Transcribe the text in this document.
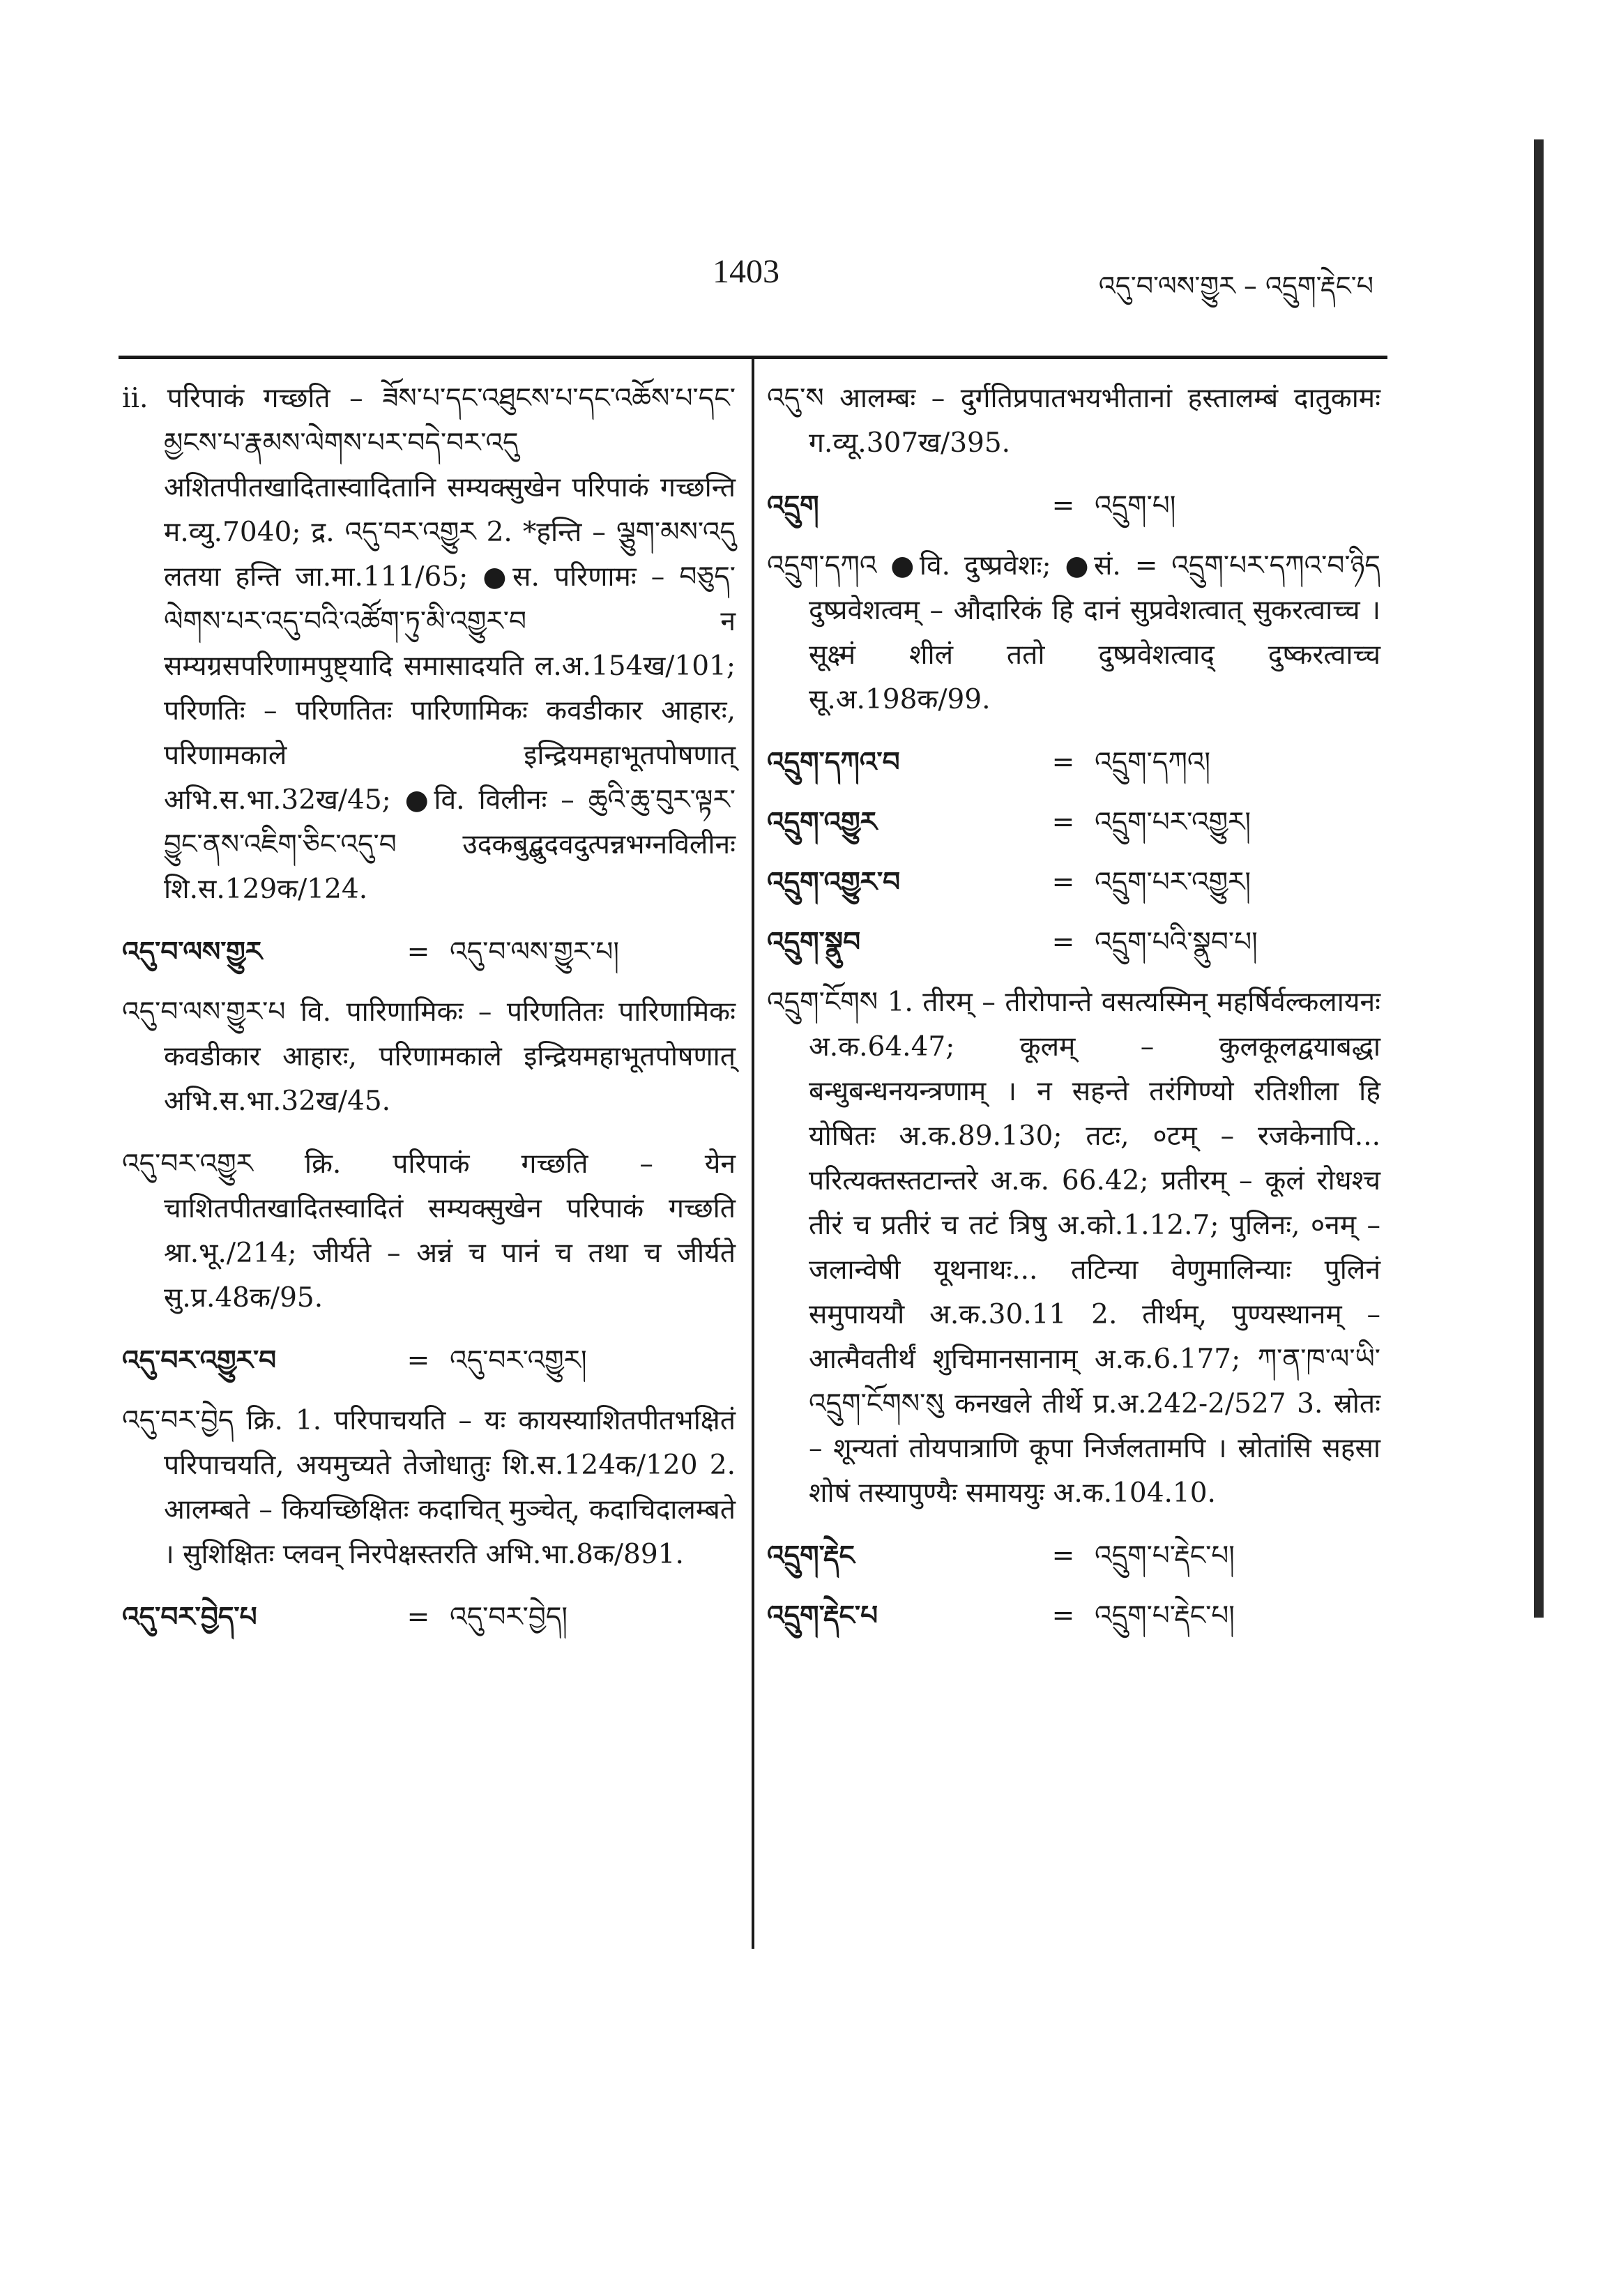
1403	འདུ་བ་ལས་གྱུར – འདྲུག་རྡེང་པ
ii. परिपाकं गच्छति – ཟོས་པ་དང་འཐུངས་པ་དང་འཆོས་པ་དང་མྱངས་པ་རྣམས་ལེགས་པར་བདེ་བར་འདུ अशितपीतखादितास्वादितानि सम्यक्सुखेन परिपाकं गच्छन्ति म.व्यु.7040; द्र. འདུ་བར་འགྱུར 2. *हन्ति – ལྕུག་མས་འདུ लतया हन्ति जा.मा.111/65; ●स. परिणामः – བཅུད་ལེགས་པར་འདུ་བའི་འཚོག་ཏུ་མི་འགྱུར་བ न सम्यग्रसपरिणामपुष्ट्यादि समासादयति ल.अ.154ख/101; परिणतिः – परिणतितः पारिणामिकः कवडीकार आहारः, परिणामकाले इन्द्रियमहाभूतपोषणात् अभि.स.भा.32ख/45; ●वि. विलीनः – ཆུའི་ཆུ་བུར་ལྟར་བྱུང་ནས་འཇིག་ཅིང་འདུ་བ उदकबुद्बुदवदुत्पन्नभग्नविलीनः शि.स.129क/124.
འདུ་བ་ལས་གྱུར	= འདུ་བ་ལས་གྱུར་པ།
འདུ་བ་ལས་གྱུར་པ वि. पारिणामिकः – परिणतितः पारिणामिकः कवडीकार आहारः, परिणामकाले इन्द्रियमहाभूतपोषणात् अभि.स.भा.32ख/45.
འདུ་བར་འགྱུར क्रि. परिपाकं गच्छति – येन चाशितपीतखादितस्वादितं सम्यक्सुखेन परिपाकं गच्छति श्रा.भू./214; जीर्यते – अन्नं च पानं च तथा च जीर्यते सु.प्र.48क/95.
འདུ་བར་འགྱུར་བ	= འདུ་བར་འགྱུར།
འདུ་བར་བྱེད क्रि. 1. परिपाचयति – यः कायस्याशितपीतभक्षितं परिपाचयति, अयमुच्यते तेजोधातुः शि.स.124क/120 2. आलम्बते – कियच्छिक्षितः कदाचित् मुञ्चेत्, कदाचिदालम्बते । सुशिक्षितः प्लवन् निरपेक्षस्तरति अभि.भा.8क/891.
འདུ་བར་བྱེད་པ	= འདུ་བར་བྱེད།
འདུ་ས आलम्बः – दुर्गतिप्रपातभयभीतानां हस्तालम्बं दातुकामः ग.व्यू.307ख/395.
འདྲུག	= འདྲུག་པ།
འདྲུག་དཀའ ●वि. दुष्प्रवेशः; ●सं. = འདྲུག་པར་དཀའ་བ་ཉིད दुष्प्रवेशत्वम् – औदारिकं हि दानं सुप्रवेशत्वात् सुकरत्वाच्च । सूक्ष्मं शीलं ततो दुष्प्रवेशत्वाद् दुष्करत्वाच्च सू.अ.198क/99.
འདྲུག་དཀའ་བ	= འདྲུག་དཀའ།
འདྲུག་འགྱུར	= འདྲུག་པར་འགྱུར།
འདྲུག་འགྱུར་བ	= འདྲུག་པར་འགྱུར།
འདྲུག་སྣུབ	= འདྲུག་པའི་སྣུབ་པ།
འདྲུག་ངོགས 1. तीरम् – तीरोपान्ते वसत्यस्मिन् महर्षिर्वल्कलायनः अ.क.64.47; कूलम् – कुलकूलद्वयाबद्धा बन्धुबन्धनयन्त्रणाम् । न सहन्ते तरंगिण्यो रतिशीला हि योषितः अ.क.89.130; तटः, ०टम् – रजकेनापि... परित्यक्तस्तटान्तरे अ.क. 66.42; प्रतीरम् – कूलं रोधश्च तीरं च प्रतीरं च तटं त्रिषु अ.को.1.12.7; पुलिनः, ०नम् – जलान्वेषी यूथनाथः... तटिन्या वेणुमालिन्याः पुलिनं समुपाययौ अ.क.30.11 2. तीर्थम्, पुण्यस्थानम् – आत्मैवतीर्थं शुचिमानसानाम् अ.क.6.177; ཀ་ན་ཁ་ལ་ཡི་འདྲུག་ངོགས་སུ कनखले तीर्थे प्र.अ.242-2/527 3. स्रोतः – शून्यतां तोयपात्राणि कूपा निर्जलतामपि । स्रोतांसि सहसा शोषं तस्यापुण्यैः समाययुः अ.क.104.10.
འདྲུག་རྡེང	= འདྲུག་པ་རྡེང་པ།
འདྲུག་རྡེང་པ	= འདྲུག་པ་རྡེང་པ།
